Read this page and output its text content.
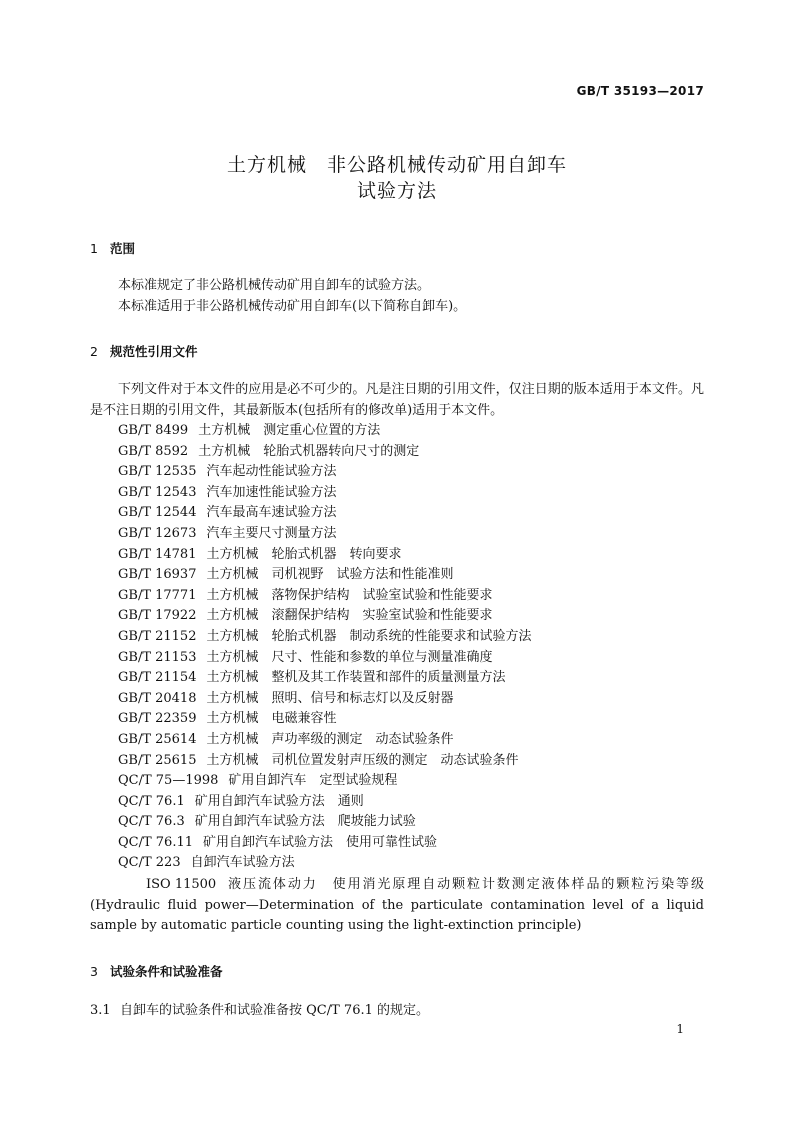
GB/T 35193—2017
土方机械　非公路机械传动矿用自卸车
试验方法
1 范围
本标准规定了非公路机械传动矿用自卸车的试验方法。
本标准适用于非公路机械传动矿用自卸车(以下简称自卸车)。
2 规范性引用文件
下列文件对于本文件的应用是必不可少的。凡是注日期的引用文件，仅注日期的版本适用于本文件。凡是不注日期的引用文件，其最新版本(包括所有的修改单)适用于本文件。
GB/T 8499 土方机械　测定重心位置的方法
GB/T 8592 土方机械　轮胎式机器转向尺寸的测定
GB/T 12535 汽车起动性能试验方法
GB/T 12543 汽车加速性能试验方法
GB/T 12544 汽车最高车速试验方法
GB/T 12673 汽车主要尺寸测量方法
GB/T 14781 土方机械　轮胎式机器　转向要求
GB/T 16937 土方机械　司机视野　试验方法和性能准则
GB/T 17771 土方机械　落物保护结构　试验室试验和性能要求
GB/T 17922 土方机械　滚翻保护结构　实验室试验和性能要求
GB/T 21152 土方机械　轮胎式机器　制动系统的性能要求和试验方法
GB/T 21153 土方机械　尺寸、性能和参数的单位与测量准确度
GB/T 21154 土方机械　整机及其工作装置和部件的质量测量方法
GB/T 20418 土方机械　照明、信号和标志灯以及反射器
GB/T 22359 土方机械　电磁兼容性
GB/T 25614 土方机械　声功率级的测定　动态试验条件
GB/T 25615 土方机械　司机位置发射声压级的测定　动态试验条件
QC/T 75—1998 矿用自卸汽车　定型试验规程
QC/T 76.1 矿用自卸汽车试验方法　通则
QC/T 76.3 矿用自卸汽车试验方法　爬坡能力试验
QC/T 76.11 矿用自卸汽车试验方法　使用可靠性试验
QC/T 223 自卸汽车试验方法
ISO 11500 液压流体动力　使用消光原理自动颗粒计数测定液体样品的颗粒污染等级(Hydraulic fluid power—Determination of the particulate contamination level of a liquid sample by automatic particle counting using the light-extinction principle)
3 试验条件和试验准备
3.1 自卸车的试验条件和试验准备按 QC/T 76.1 的规定。
1
